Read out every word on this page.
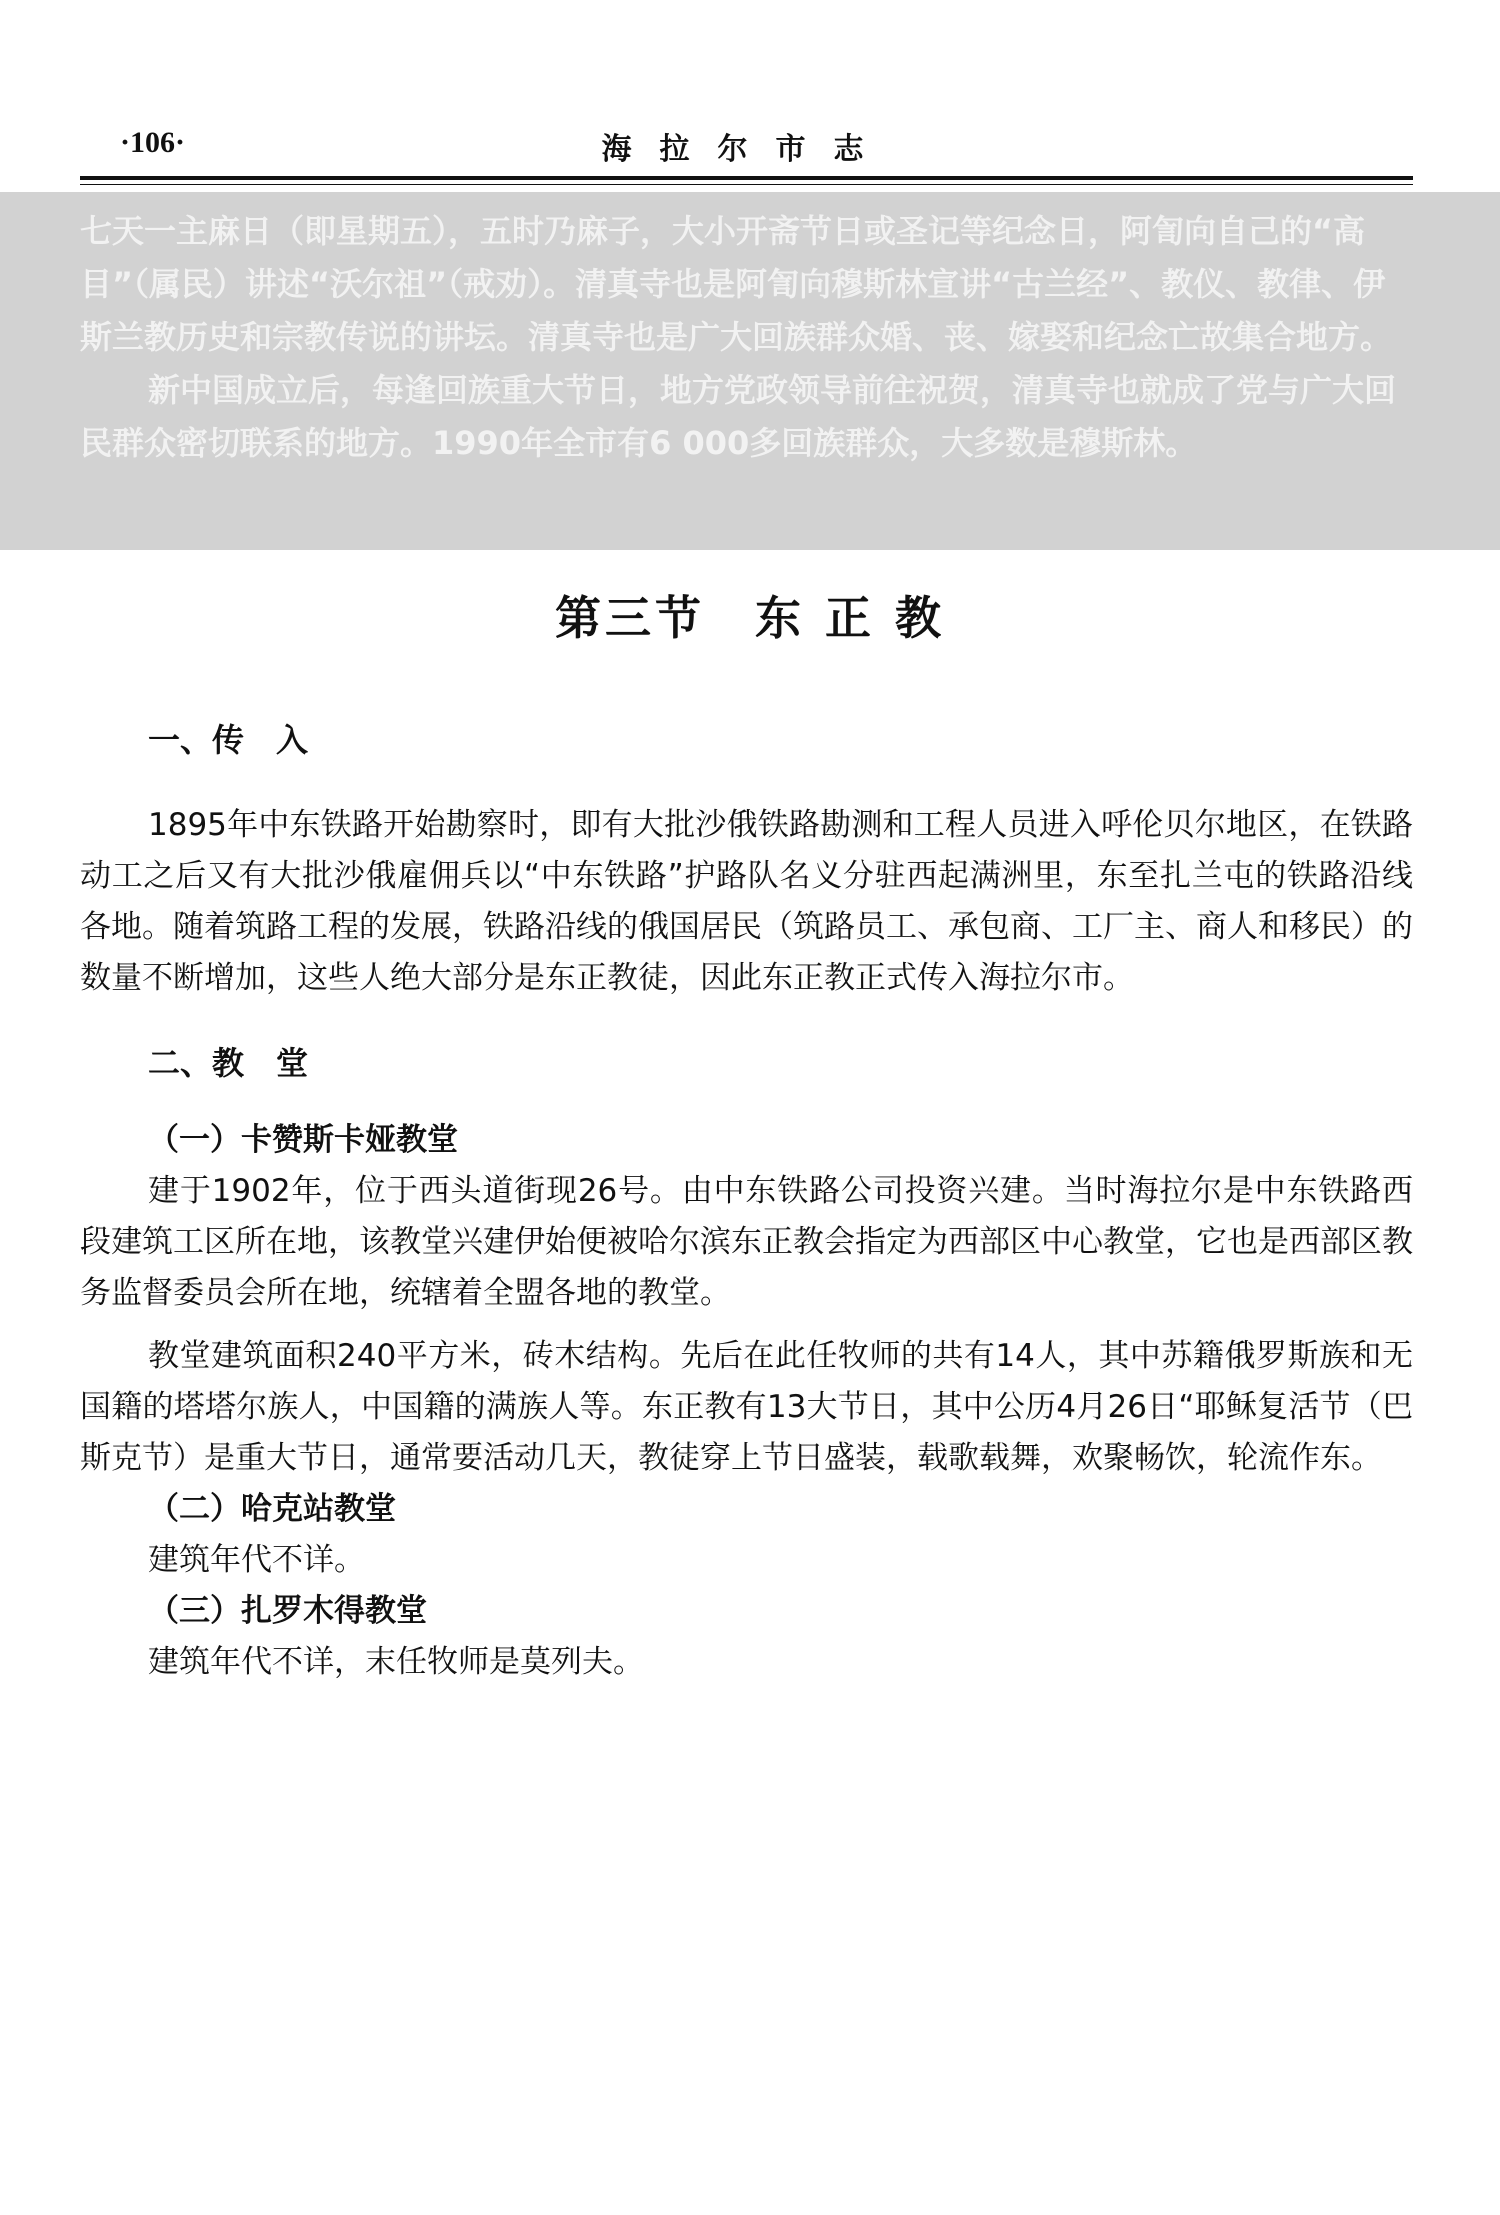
·106·	海拉尔市志

七天一主麻日（即星期五），五时乃麻子，大小开斋节日或圣记等纪念日，阿訇向自己的“高目”（属民）讲述“沃尔祖”（戒劝）。清真寺也是阿訇向穆斯林宣讲“古兰经”、教仪、教律、伊斯兰教历史和宗教传说的讲坛。清真寺也是广大回族群众婚、丧、嫁娶和纪念亡故集合地方。

新中国成立后，每逢回族重大节日，地方党政领导前往祝贺，清真寺也就成了党与广大回民群众密切联系的地方。1990年全市有6 000多回族群众，大多数是穆斯林。

第三节　东 正 教

一、传　入

1895年中东铁路开始勘察时，即有大批沙俄铁路勘测和工程人员进入呼伦贝尔地区，在铁路动工之后又有大批沙俄雇佣兵以“中东铁路”护路队名义分驻西起满洲里，东至扎兰屯的铁路沿线各地。随着筑路工程的发展，铁路沿线的俄国居民（筑路员工、承包商、工厂主、商人和移民）的数量不断增加，这些人绝大部分是东正教徒，因此东正教正式传入海拉尔市。

二、教　堂

（一）卡赞斯卡娅教堂

建于1902年，位于西头道街现26号。由中东铁路公司投资兴建。当时海拉尔是中东铁路西段建筑工区所在地，该教堂兴建伊始便被哈尔滨东正教会指定为西部区中心教堂，它也是西部区教务监督委员会所在地，统辖着全盟各地的教堂。

教堂建筑面积240平方米，砖木结构。先后在此任牧师的共有14人，其中苏籍俄罗斯族和无国籍的塔塔尔族人，中国籍的满族人等。东正教有13大节日，其中公历4月26日“耶稣复活节（巴斯克节）是重大节日，通常要活动几天，教徒穿上节日盛装，载歌载舞，欢聚畅饮，轮流作东。

（二）哈克站教堂

建筑年代不详。

（三）扎罗木得教堂

建筑年代不详，末任牧师是莫列夫。
